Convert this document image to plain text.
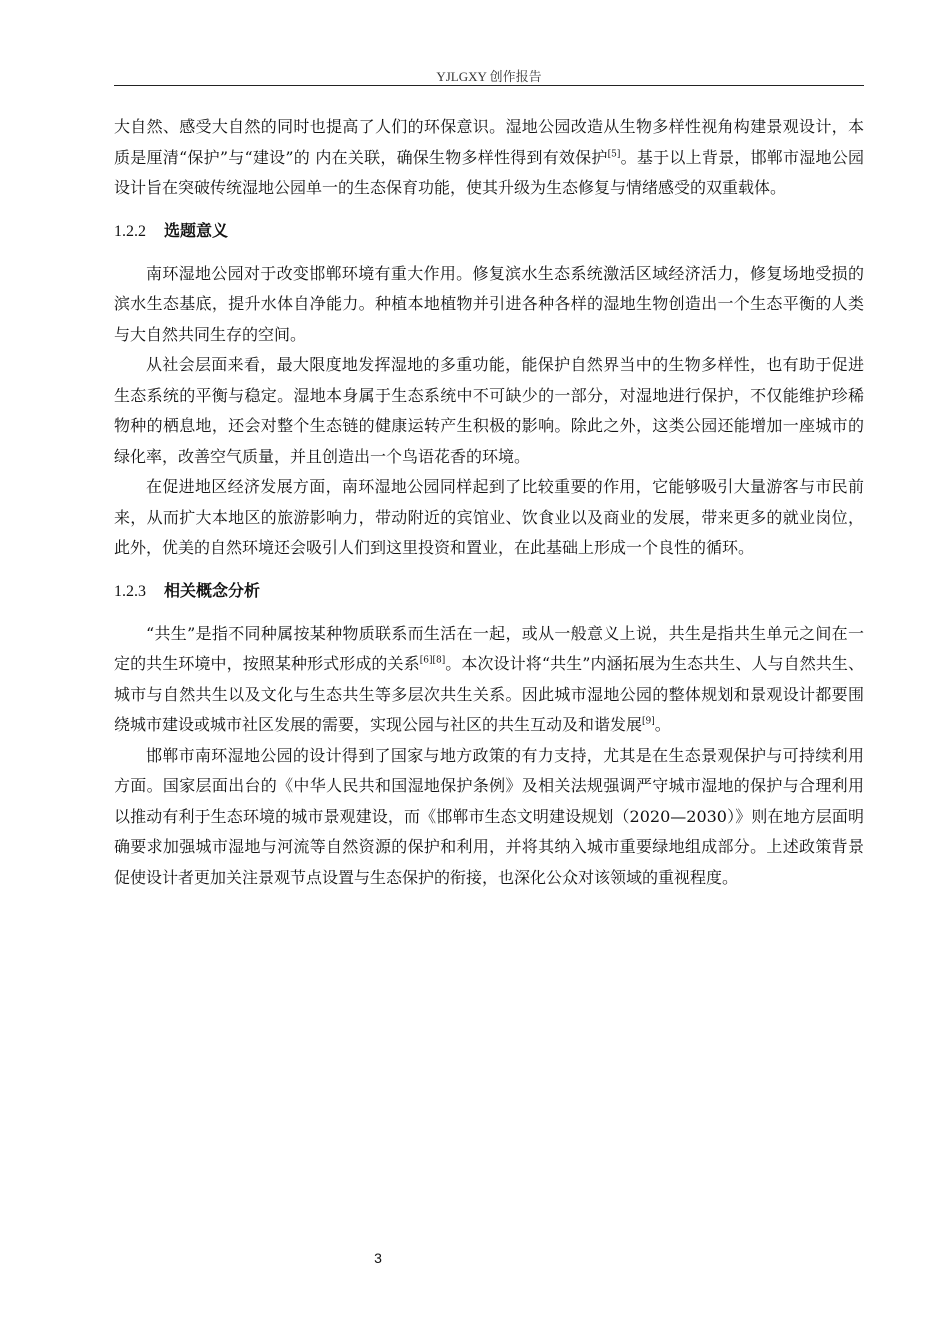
YJLGXY 创作报告

大自然、感受大自然的同时也提高了人们的环保意识。湿地公园改造从生物多样性视角构建景观设计，本质是厘清“保护”与“建设”的 内在关联，确保生物多样性得到有效保护[5]。基于以上背景，邯郸市湿地公园设计旨在突破传统湿地公园单一的生态保育功能，使其升级为生态修复与情绪感受的双重载体。

1.2.2 选题意义

南环湿地公园对于改变邯郸环境有重大作用。修复滨水生态系统激活区域经济活力，修复场地受损的滨水生态基底，提升水体自净能力。种植本地植物并引进各种各样的湿地生物创造出一个生态平衡的人类与大自然共同生存的空间。

从社会层面来看，最大限度地发挥湿地的多重功能，能保护自然界当中的生物多样性，也有助于促进生态系统的平衡与稳定。湿地本身属于生态系统中不可缺少的一部分，对湿地进行保护，不仅能维护珍稀物种的栖息地，还会对整个生态链的健康运转产生积极的影响。除此之外，这类公园还能增加一座城市的绿化率，改善空气质量，并且创造出一个鸟语花香的环境。

在促进地区经济发展方面，南环湿地公园同样起到了比较重要的作用，它能够吸引大量游客与市民前来，从而扩大本地区的旅游影响力，带动附近的宾馆业、饮食业以及商业的发展，带来更多的就业岗位，此外，优美的自然环境还会吸引人们到这里投资和置业，在此基础上形成一个良性的循环。

1.2.3 相关概念分析

“共生”是指不同种属按某种物质联系而生活在一起，或从一般意义上说，共生是指共生单元之间在一定的共生环境中，按照某种形式形成的关系[6][8]。本次设计将“共生”内涵拓展为生态共生、人与自然共生、城市与自然共生以及文化与生态共生等多层次共生关系。因此城市湿地公园的整体规划和景观设计都要围绕城市建设或城市社区发展的需要，实现公园与社区的共生互动及和谐发展[9]。

邯郸市南环湿地公园的设计得到了国家与地方政策的有力支持，尤其是在生态景观保护与可持续利用方面。国家层面出台的《中华人民共和国湿地保护条例》及相关法规强调严守城市湿地的保护与合理利用以推动有利于生态环境的城市景观建设，而《邯郸市生态文明建设规划（2020—2030）》则在地方层面明确要求加强城市湿地与河流等自然资源的保护和利用，并将其纳入城市重要绿地组成部分。上述政策背景促使设计者更加关注景观节点设置与生态保护的衔接，也深化公众对该领域的重视程度。

3
